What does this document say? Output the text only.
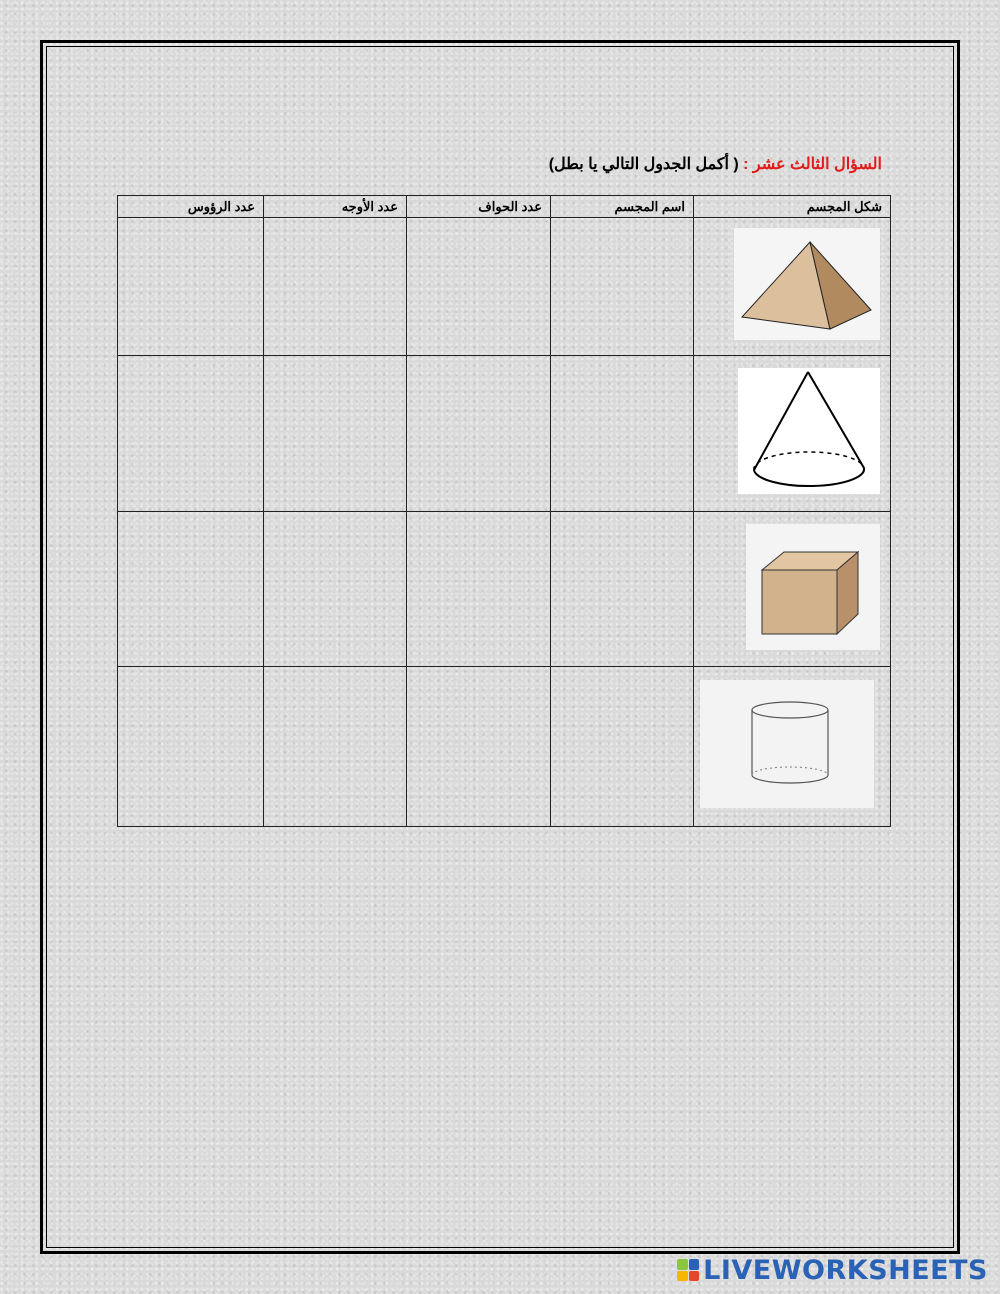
السؤال الثالث عشر : ( أكمل الجدول التالي يا بطل)
شكل المجسم	اسم المجسم	عدد الحواف	عدد الأوجه	عدد الرؤوس

LIVEWORKSHEETS
